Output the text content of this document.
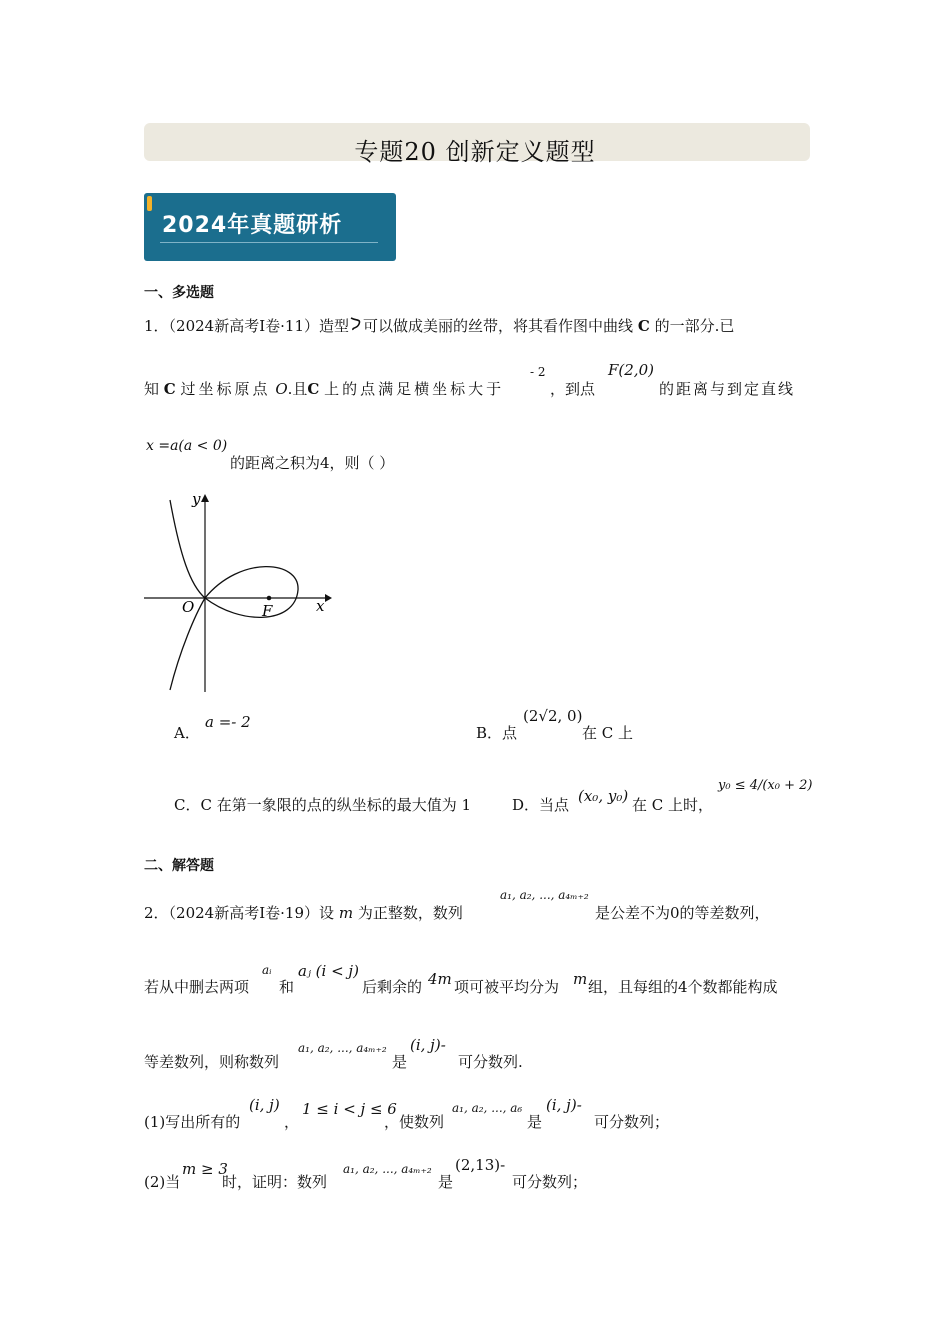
专题20 创新定义题型
2024年真题研析
一、多选题
1．（2024新高考Ⅰ卷·11）造型 可以做成美丽的丝带，将其看作图中曲线 C 的一部分.已
知 C 过坐标原点 O.且C 上的点满足横坐标大于
- 2
，到点
F(2,0)
的距离与到定直线
x =a(a < 0)
的距离之积为4，则（ ）
y
x
O	F
A．
a =- 2
B．点
(2√2, 0)
在 C 上
C．C 在第一象限的点的纵坐标的最大值为 1	D．当点 (x₀, y₀) 在 C 上时，
y₀ ≤ 4/(x₀ + 2)
二、解答题
2．（2024新高考Ⅰ卷·19）设 m 为正整数，数列
a₁, a₂, ..., a₄ₘ₊₂
是公差不为0的等差数列，
若从中删去两项
aᵢ
和
aⱼ (i < j)
后剩余的 4m 项可被平均分为 m 组，且每组的4个数都能构成
等差数列，则称数列
a₁, a₂, ..., a₄ₘ₊₂
是
(i, j)-
可分数列.
(1)写出所有的
(i, j)
，
1 ≤ i < j ≤ 6
，使数列
a₁, a₂, ..., a₆
是
(i, j)-
可分数列；
(2)当
m ≥ 3
时，证明：数列
a₁, a₂, ..., a₄ₘ₊₂
是
(2,13)-
可分数列；
